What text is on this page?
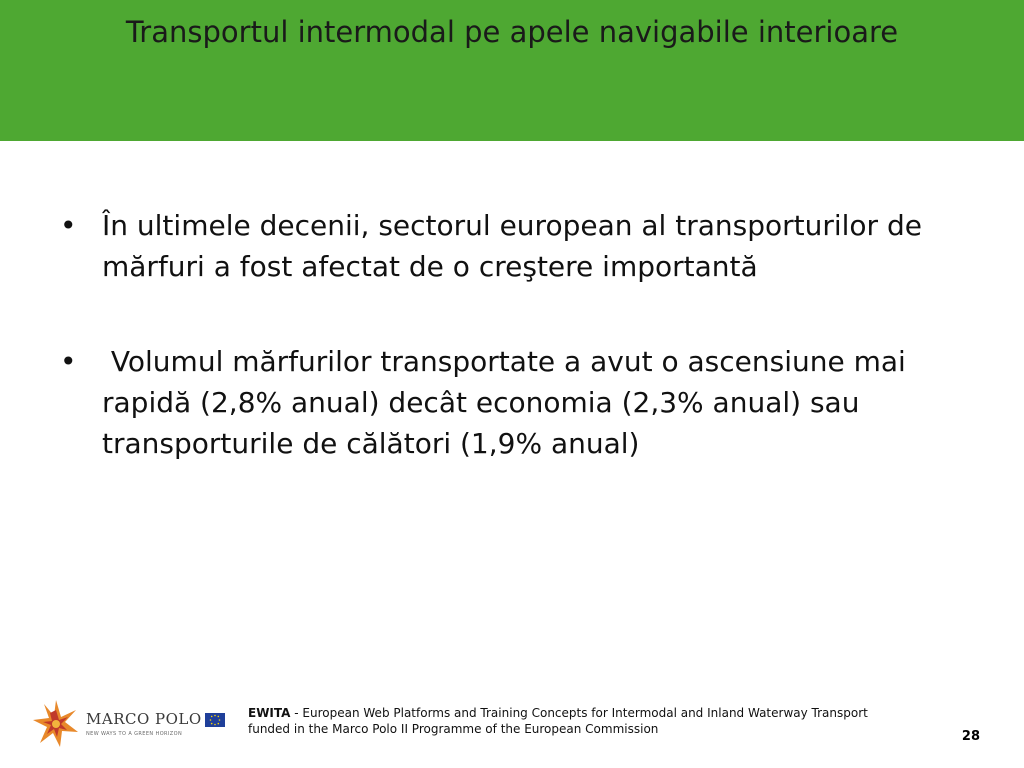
Transportul intermodal pe apele navigabile interioare
• În ultimele decenii, sectorul european al transporturilor de mărfuri a fost afectat de o creştere importantă
• Volumul mărfurilor transportate a avut o ascensiune mai rapidă (2,8% anual) decât economia (2,3% anual) sau transporturile de călători (1,9% anual)
MARCO POLO
NEW WAYS TO A GREEN HORIZON
EWITA - European Web Platforms and Training Concepts for Intermodal and Inland Waterway Transport funded in the Marco Polo II Programme of the European Commission	28
